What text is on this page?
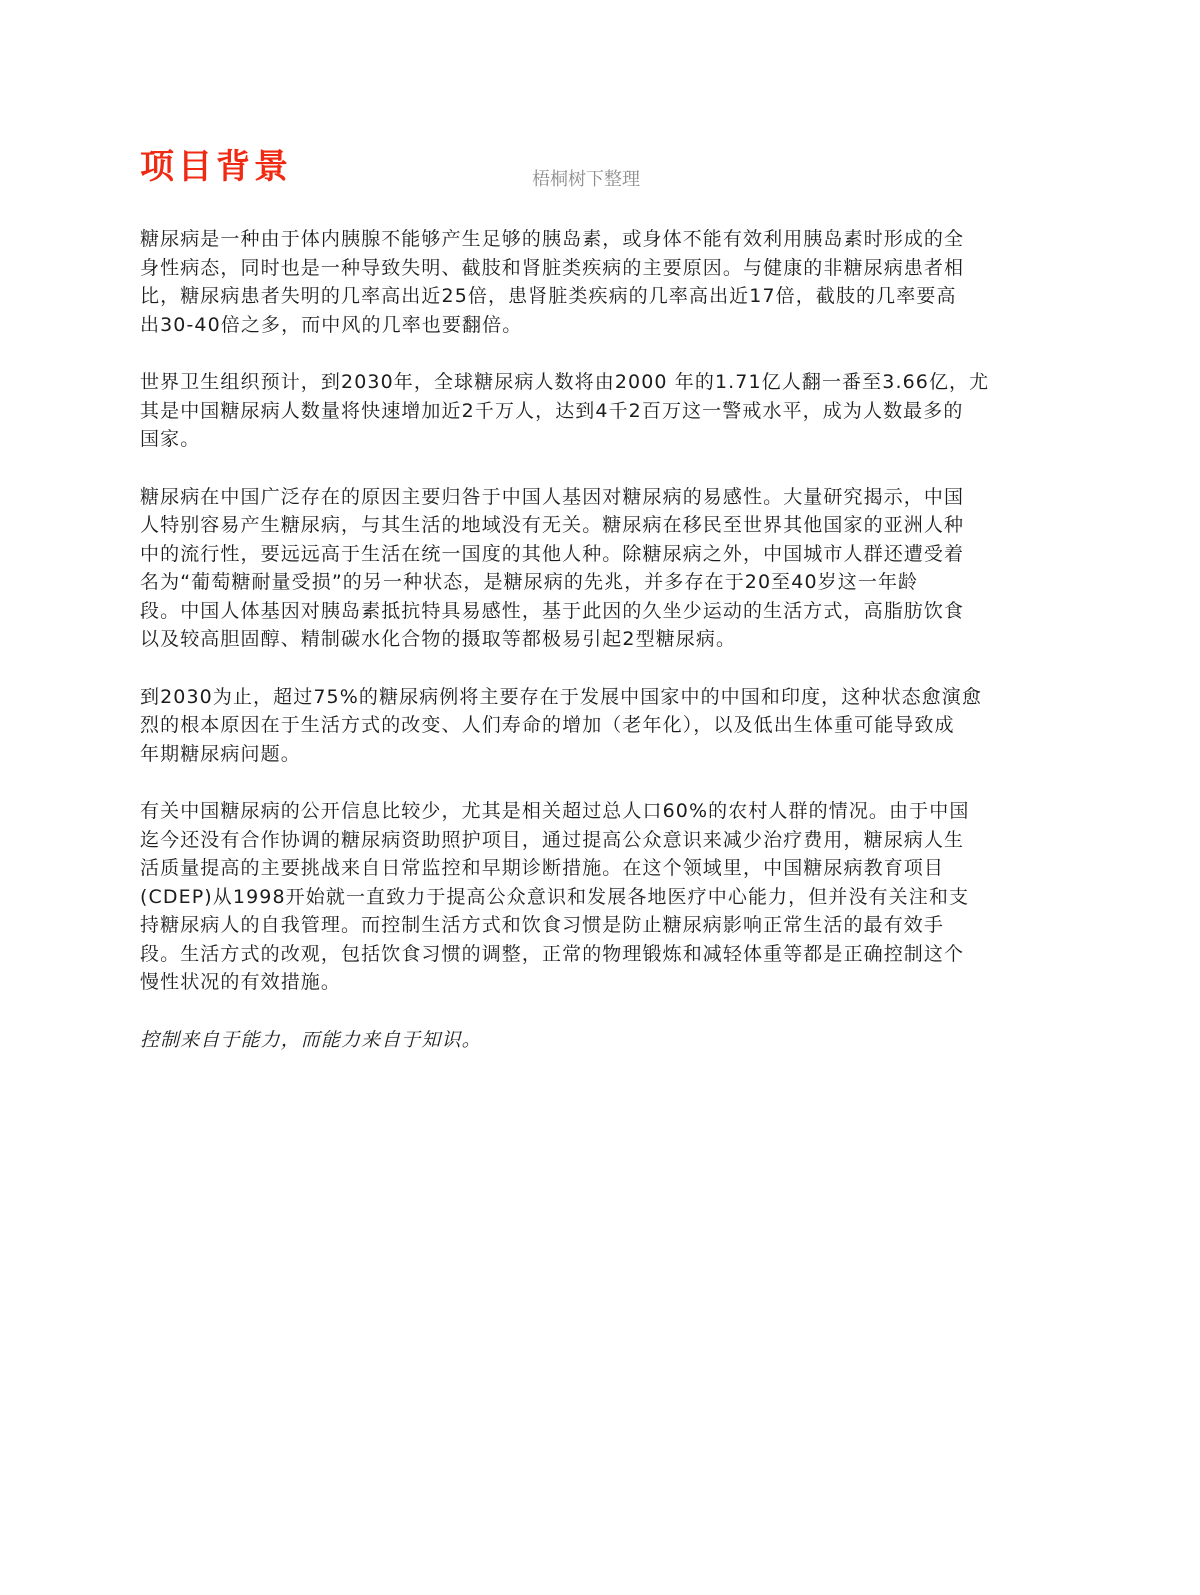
项目背景	梧桐树下整理

糖尿病是一种由于体内胰腺不能够产生足够的胰岛素，或身体不能有效利用胰岛素时形成的全
身性病态，同时也是一种导致失明、截肢和肾脏类疾病的主要原因。与健康的非糖尿病患者相
比，糖尿病患者失明的几率高出近25倍，患肾脏类疾病的几率高出近17倍，截肢的几率要高
出30-40倍之多，而中风的几率也要翻倍。

世界卫生组织预计，到2030年，全球糖尿病人数将由2000 年的1.71亿人翻一番至3.66亿，尤
其是中国糖尿病人数量将快速增加近2千万人，达到4千2百万这一警戒水平，成为人数最多的
国家。

糖尿病在中国广泛存在的原因主要归咎于中国人基因对糖尿病的易感性。大量研究揭示，中国
人特别容易产生糖尿病，与其生活的地域没有无关。糖尿病在移民至世界其他国家的亚洲人种
中的流行性，要远远高于生活在统一国度的其他人种。除糖尿病之外，中国城市人群还遭受着
名为“葡萄糖耐量受损”的另一种状态，是糖尿病的先兆，并多存在于20至40岁这一年龄
段。中国人体基因对胰岛素抵抗特具易感性，基于此因的久坐少运动的生活方式，高脂肪饮食
以及较高胆固醇、精制碳水化合物的摄取等都极易引起2型糖尿病。

到2030为止，超过75%的糖尿病例将主要存在于发展中国家中的中国和印度，这种状态愈演愈
烈的根本原因在于生活方式的改变、人们寿命的增加（老年化），以及低出生体重可能导致成
年期糖尿病问题。

有关中国糖尿病的公开信息比较少，尤其是相关超过总人口60%的农村人群的情况。由于中国
迄今还没有合作协调的糖尿病资助照护项目，通过提高公众意识来减少治疗费用，糖尿病人生
活质量提高的主要挑战来自日常监控和早期诊断措施。在这个领域里，中国糖尿病教育项目
(CDEP)从1998开始就一直致力于提高公众意识和发展各地医疗中心能力，但并没有关注和支
持糖尿病人的自我管理。而控制生活方式和饮食习惯是防止糖尿病影响正常生活的最有效手
段。生活方式的改观，包括饮食习惯的调整，正常的物理锻炼和减轻体重等都是正确控制这个
慢性状况的有效措施。

控制来自于能力，而能力来自于知识。
